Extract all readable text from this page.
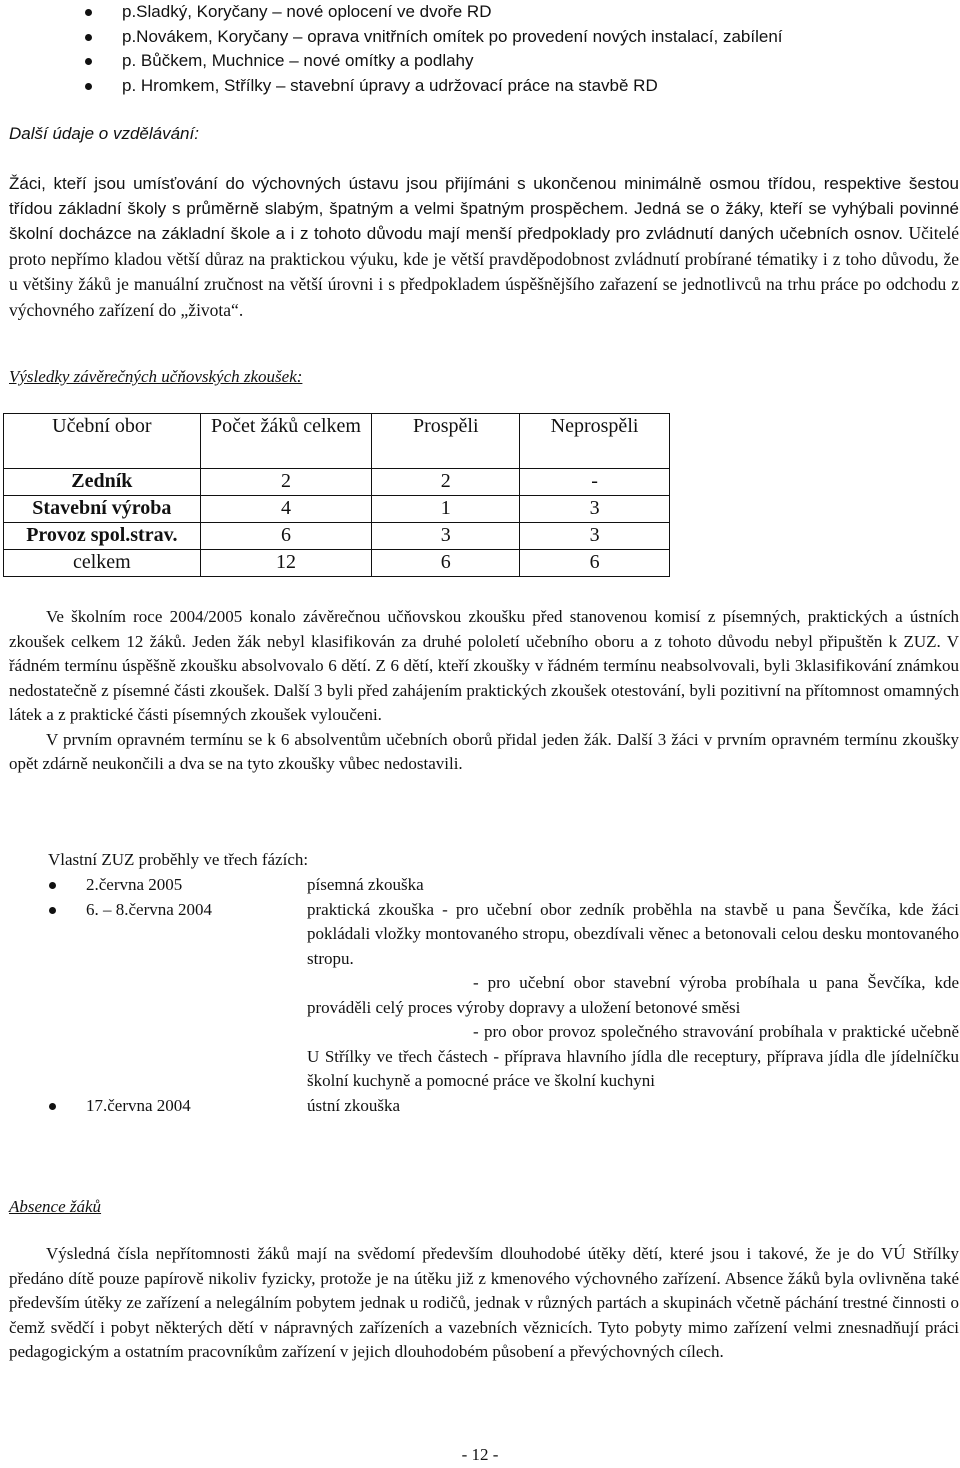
p.Sladký, Koryčany – nové oplocení ve dvoře RD
p.Novákem, Koryčany – oprava vnitřních omítek po provedení nových instalací, zabílení
p. Bůčkem, Muchnice – nové omítky a podlahy
p. Hromkem, Střílky – stavební úpravy a udržovací práce na stavbě RD
Další údaje o vzdělávání:

Žáci, kteří jsou umísťování do výchovných ústavu jsou přijímáni s ukončenou minimálně osmou třídou, respektive šestou třídou základní školy s průměrně slabým, špatným a velmi špatným prospěchem. Jedná se o žáky, kteří se vyhýbali povinné školní docházce na základní škole a i z tohoto důvodu mají menší předpoklady pro zvládnutí daných učebních osnov. Učitelé proto nepřímo kladou větší důraz na praktickou výuku, kde je větší pravděpodobnost zvládnutí probírané tématiky i z toho důvodu, že u většiny žáků je manuální zručnost na větší úrovni i s předpokladem úspěšnějšího zařazení se jednotlivců na trhu práce po odchodu z výchovného zařízení do „života“.

Výsledky závěrečných učňovských zkoušek:
Učební obor	Počet žáků celkem	Prospěli	Neprospěli
Zedník	2	2	-
Stavební výroba	4	1	3
Provoz spol.strav.	6	3	3
celkem	12	6	6

Ve školním roce 2004/2005 konalo závěrečnou učňovskou zkoušku před stanovenou komisí z písemných, praktických a ústních zkoušek celkem 12 žáků. Jeden žák nebyl klasifikován za druhé pololetí učebního oboru a z tohoto důvodu nebyl připuštěn k ZUZ. V řádném termínu úspěšně zkoušku absolvovalo 6 dětí. Z 6 dětí, kteří zkoušky v řádném termínu neabsolvovali, byli 3klasifikování známkou nedostatečně z písemné části zkoušek. Další 3 byli před zahájením praktických zkoušek otestování, byli pozitivní na přítomnost omamných látek a z praktické části písemných zkoušek vyloučeni.

V prvním opravném termínu se k 6 absolventům učebních oborů přidal jeden žák. Další 3 žáci v prvním opravném termínu zkoušky opět zdárně neukončili a dva se na tyto zkoušky vůbec nedostavili.

Vlastní ZUZ proběhly ve třech fázích:
2.června 2005	písemná zkouška
6. – 8.června 2004	praktická zkouška - pro učební obor zedník proběhla na stavbě u pana Ševčíka, kde žáci pokládali vložky montovaného stropu, obezdívali věnec a betonovali celou desku montovaného stropu.
- pro učební obor stavební výroba probíhala u pana Ševčíka, kde prováděli celý proces výroby dopravy a uložení betonové směsi
- pro obor provoz společného stravování probíhala v praktické učebně U Střílky ve třech částech - příprava hlavního jídla dle receptury, příprava jídla dle jídelníčku školní kuchyně a pomocné práce ve školní kuchyni
17.června 2004	ústní zkouška
Absence žáků

Výsledná čísla nepřítomnosti žáků mají na svědomí především dlouhodobé útěky dětí, které jsou i takové, že je do VÚ Střílky předáno dítě pouze papírově nikoliv fyzicky, protože je na útěku již z kmenového výchovného zařízení. Absence žáků byla ovlivněna také především útěky ze zařízení a nelegálním pobytem jednak u rodičů, jednak v různých partách a skupinách včetně páchání trestné činnosti o čemž svědčí i pobyt některých dětí v nápravných zařízeních a vazebních věznicích. Tyto pobyty mimo zařízení velmi znesnadňují práci pedagogickým a ostatním pracovníkům zařízení v jejich dlouhodobém působení a převýchovných cílech.

- 12 -
